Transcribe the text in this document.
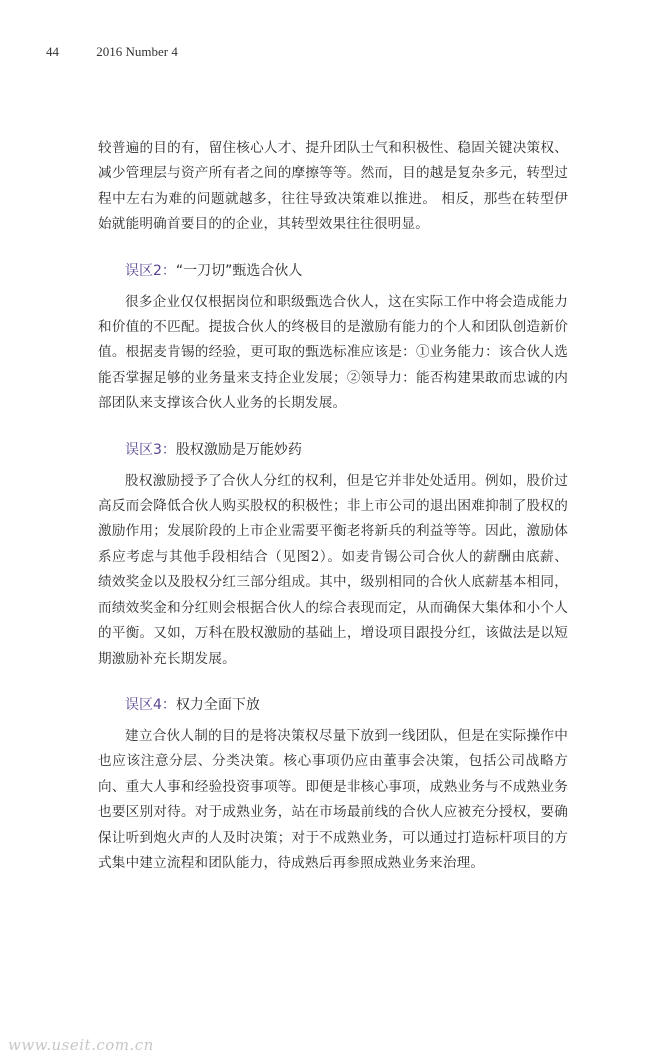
44	2016 Number 4

较普遍的目的有，留住核心人才、提升团队士气和积极性、稳固关键决策权、减少管理层与资产所有者之间的摩擦等等。然而，目的越是复杂多元，转型过程中左右为难的问题就越多，往往导致决策难以推进。 相反，那些在转型伊始就能明确首要目的的企业，其转型效果往往很明显。

误区2：“一刀切”甄选合伙人

很多企业仅仅根据岗位和职级甄选合伙人，这在实际工作中将会造成能力和价值的不匹配。提拔合伙人的终极目的是激励有能力的个人和团队创造新价值。根据麦肯锡的经验，更可取的甄选标准应该是：①业务能力：该合伙人选能否掌握足够的业务量来支持企业发展；②领导力：能否构建果敢而忠诚的内部团队来支撑该合伙人业务的长期发展。

误区3：股权激励是万能妙药

股权激励授予了合伙人分红的权利，但是它并非处处适用。例如，股价过高反而会降低合伙人购买股权的积极性；非上市公司的退出困难抑制了股权的激励作用；发展阶段的上市企业需要平衡老将新兵的利益等等。因此，激励体系应考虑与其他手段相结合（见图2）。如麦肯锡公司合伙人的薪酬由底薪、绩效奖金以及股权分红三部分组成。其中，级别相同的合伙人底薪基本相同，而绩效奖金和分红则会根据合伙人的综合表现而定，从而确保大集体和小个人的平衡。又如，万科在股权激励的基础上，增设项目跟投分红，该做法是以短期激励补充长期发展。

误区4：权力全面下放

建立合伙人制的目的是将决策权尽量下放到一线团队，但是在实际操作中也应该注意分层、分类决策。核心事项仍应由董事会决策，包括公司战略方向、重大人事和经验投资事项等。即便是非核心事项，成熟业务与不成熟业务也要区别对待。对于成熟业务，站在市场最前线的合伙人应被充分授权，要确保让听到炮火声的人及时决策；对于不成熟业务，可以通过打造标杆项目的方式集中建立流程和团队能力，待成熟后再参照成熟业务来治理。

www.useit.com.cn
